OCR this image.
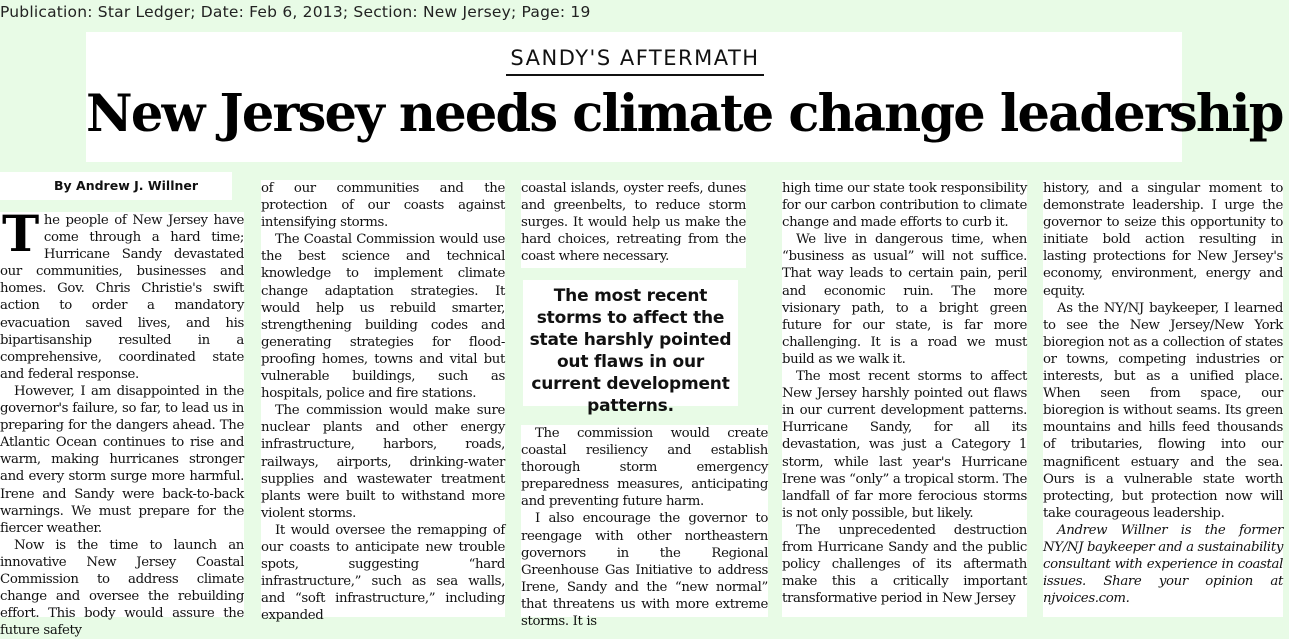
Publication: Star Ledger; Date: Feb 6, 2013; Section: New Jersey; Page: 19
SANDY'S AFTERMATH
New Jersey needs climate change leadership
By Andrew J. Willner
T he people of New Jersey have come through a hard time; Hurricane Sandy devastated our communities, businesses and homes. Gov. Chris Christie's swift action to order a mandatory evacuation saved lives, and his bipartisanship resulted in a comprehensive, coordinated state and federal response.

However, I am disappointed in the governor's failure, so far, to lead us in preparing for the dangers ahead. The Atlantic Ocean continues to rise and warm, making hurricanes stronger and every storm surge more harmful. Irene and Sandy were back-to-back warnings. We must prepare for the fiercer weather.

Now is the time to launch an innovative New Jersey Coastal Commission to address climate change and oversee the rebuilding effort. This body would assure the future safety

of our communities and the protection of our coasts against intensifying storms.

The Coastal Commission would use the best science and technical knowledge to implement climate change adaptation strategies. It would help us rebuild smarter, strengthening building codes and generating strategies for flood-proofing homes, towns and vital but vulnerable buildings, such as hospitals, police and fire stations.

The commission would make sure nuclear plants and other energy infrastructure, harbors, roads, railways, airports, drinking-water supplies and wastewater treatment plants were built to withstand more violent storms.

It would oversee the remapping of our coasts to anticipate new trouble spots, suggesting “hard infrastructure,” such as sea walls, and “soft infrastructure,” including expanded

coastal islands, oyster reefs, dunes and greenbelts, to reduce storm surges. It would help us make the hard choices, retreating from the coast where necessary.

The most recent storms to affect the state harshly pointed out flaws in our current development patterns.

The commission would create coastal resiliency and establish thorough storm emergency preparedness measures, anticipating and preventing future harm.

I also encourage the governor to reengage with other northeastern governors in the Regional Greenhouse Gas Initiative to address Irene, Sandy and the “new normal” that threatens us with more extreme storms. It is

high time our state took responsibility for our carbon contribution to climate change and made efforts to curb it.

We live in dangerous time, when “business as usual” will not suffice. That way leads to certain pain, peril and economic ruin. The more visionary path, to a bright green future for our state, is far more challenging. It is a road we must build as we walk it.

The most recent storms to affect New Jersey harshly pointed out flaws in our current development patterns. Hurricane Sandy, for all its devastation, was just a Category 1 storm, while last year's Hurricane Irene was “only” a tropical storm. The landfall of far more ferocious storms is not only possible, but likely.

The unprecedented destruction from Hurricane Sandy and the public policy challenges of its aftermath make this a critically important transformative period in New Jersey

history, and a singular moment to demonstrate leadership. I urge the governor to seize this opportunity to initiate bold action resulting in lasting protections for New Jersey's economy, environment, energy and equity.

As the NY/NJ baykeeper, I learned to see the New Jersey/New York bioregion not as a collection of states or towns, competing industries or interests, but as a unified place. When seen from space, our bioregion is without seams. Its green mountains and hills feed thousands of tributaries, flowing into our magnificent estuary and the sea. Ours is a vulnerable state worth protecting, but protection now will take courageous leadership.

Andrew Willner is the former NY/NJ baykeeper and a sustainability consultant with experience in coastal issues. Share your opinion at njvoices.com.
